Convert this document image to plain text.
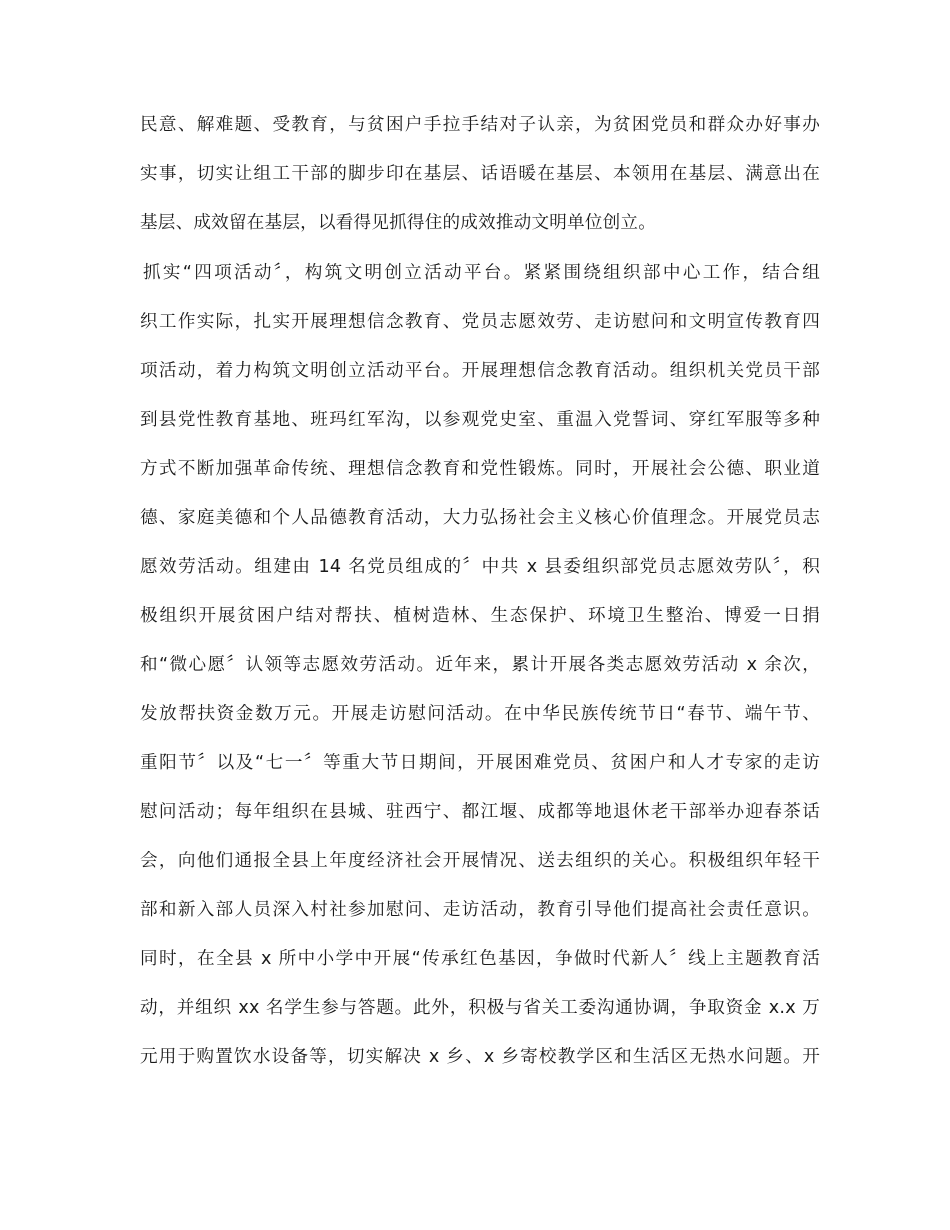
民意、解难题、受教育，与贫困户手拉手结对子认亲，为贫困党员和群众办好事办
实事，切实让组工干部的脚步印在基层、话语暖在基层、本领用在基层、满意出在
基层、成效留在基层，以看得见抓得住的成效推动文明单位创立。
抓实“四项活动〞，构筑文明创立活动平台。紧紧围绕组织部中心工作，结合组
织工作实际，扎实开展理想信念教育、党员志愿效劳、走访慰问和文明宣传教育四
项活动，着力构筑文明创立活动平台。开展理想信念教育活动。组织机关党员干部
到县党性教育基地、班玛红军沟，以参观党史室、重温入党誓词、穿红军服等多种
方式不断加强革命传统、理想信念教育和党性锻炼。同时，开展社会公德、职业道
德、家庭美德和个人品德教育活动，大力弘扬社会主义核心价值理念。开展党员志
愿效劳活动。组建由 14 名党员组成的〞中共 x 县委组织部党员志愿效劳队〞，积
极组织开展贫困户结对帮扶、植树造林、生态保护、环境卫生整治、博爱一日捐
和“微心愿〞认领等志愿效劳活动。近年来，累计开展各类志愿效劳活动 x 余次，
发放帮扶资金数万元。开展走访慰问活动。在中华民族传统节日“春节、端午节、
重阳节〞以及“七一〞等重大节日期间，开展困难党员、贫困户和人才专家的走访
慰问活动；每年组织在县城、驻西宁、都江堰、成都等地退休老干部举办迎春茶话
会，向他们通报全县上年度经济社会开展情况、送去组织的关心。积极组织年轻干
部和新入部人员深入村社参加慰问、走访活动，教育引导他们提高社会责任意识。
同时，在全县 x 所中小学中开展“传承红色基因，争做时代新人〞线上主题教育活
动，并组织 xx 名学生参与答题。此外，积极与省关工委沟通协调，争取资金 x.x 万
元用于购置饮水设备等，切实解决 x 乡、x 乡寄校教学区和生活区无热水问题。开
